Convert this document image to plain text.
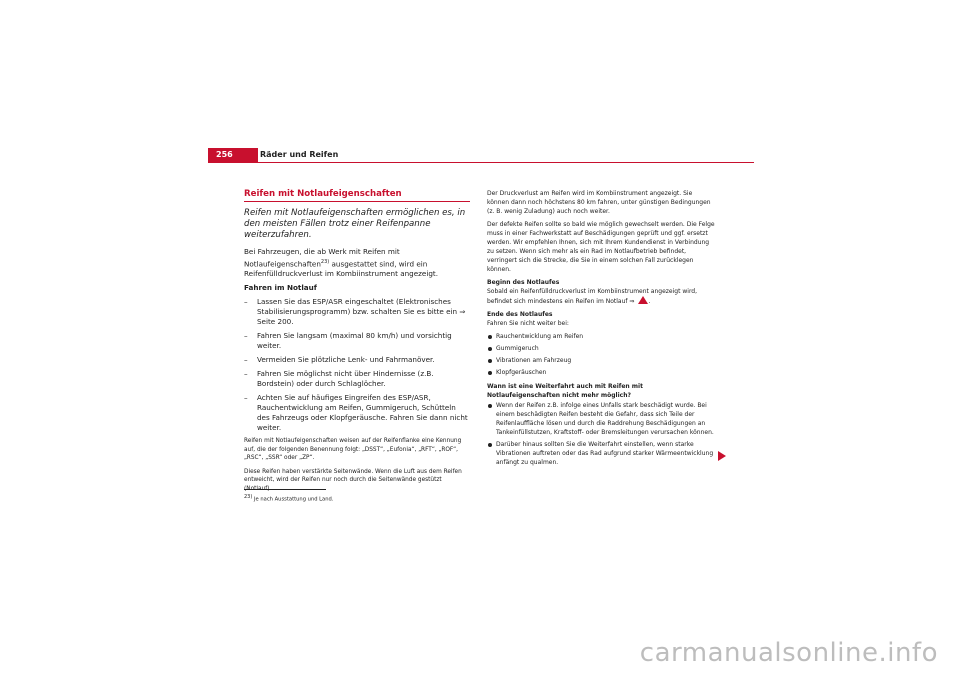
256	Räder und Reifen
Reifen mit Notlaufeigenschaften
Reifen mit Notlaufeigenschaften ermöglichen es, in den meisten Fällen trotz einer Reifenpanne weiterzufahren.

Bei Fahrzeugen, die ab Werk mit Reifen mit Notlaufeigenschaften$^{23)}$ ausgestattet sind, wird ein Reifenfülldruckverlust im Kombiinstrument angezeigt.

Fahren im Notlauf

– Lassen Sie das ESP/ASR eingeschaltet (Elektronisches Stabilisierungsprogramm) bzw. schalten Sie es bitte ein ⇒ Seite 200.
– Fahren Sie langsam (maximal 80 km/h) und vorsichtig weiter.
– Vermeiden Sie plötzliche Lenk- und Fahrmanöver.
– Fahren Sie möglichst nicht über Hindernisse (z.B. Bordstein) oder durch Schlaglöcher.
– Achten Sie auf häufiges Eingreifen des ESP/ASR, Rauchentwicklung am Reifen, Gummigeruch, Schütteln des Fahrzeugs oder Klopfgeräusche. Fahren Sie dann nicht weiter.

Reifen mit Notlaufeigenschaften weisen auf der Reifenflanke eine Kennung auf, die der folgenden Benennung folgt: „DSST“, „Eufonia“, „RFT“, „ROF“, „RSC“, „SSR“ oder „ZP“.

Diese Reifen haben verstärkte Seitenwände. Wenn die Luft aus dem Reifen entweicht, wird der Reifen nur noch durch die Seitenwände gestützt

$^{23)}$ Je nach Ausstattung und Land.

Der Druckverlust am Reifen wird im Kombiinstrument angezeigt. Sie können dann noch höchstens 80 km fahren, unter günstigen Bedingungen (z. B. wenig Zuladung) auch noch weiter.

Der defekte Reifen sollte so bald wie möglich gewechselt werden. Die Felge muss in einer Fachwerkstatt auf Beschädigungen geprüft und ggf. ersetzt werden. Wir empfehlen Ihnen, sich mit Ihrem Kundendienst in Verbindung zu setzen. Wenn sich mehr als ein Rad im Notlaufbetrieb befindet, verringert sich die Strecke, die Sie in einem solchen Fall zurücklegen können.

Beginn des Notlaufes

Sobald ein Reifenfülldruckverlust im Kombiinstrument angezeigt wird, befindet sich mindestens ein Reifen im Notlauf ⇒ .

Ende des Notlaufes

Fahren Sie nicht weiter bei:

Rauchentwicklung am Reifen
Gummigeruch
Vibrationen am Fahrzeug
Klopfgeräuschen

Wann ist eine Weiterfahrt auch mit Reifen mit Notlaufeigenschaften nicht mehr möglich?

Wenn der Reifen z.B. infolge eines Unfalls stark beschädigt wurde. Bei einem beschädigten Reifen besteht die Gefahr, dass sich Teile der Reifenlauffläche lösen und durch die Raddrehung Beschädigungen an Tankeinfüllstutzen, Kraftstoff- oder Bremsleitungen verursachen können.
Darüber hinaus sollten Sie die Weiterfahrt einstellen, wenn starke Vibrationen auftreten oder das Rad aufgrund starker Wärmeentwicklung anfängt zu qualmen.
carmanualsonline.info
